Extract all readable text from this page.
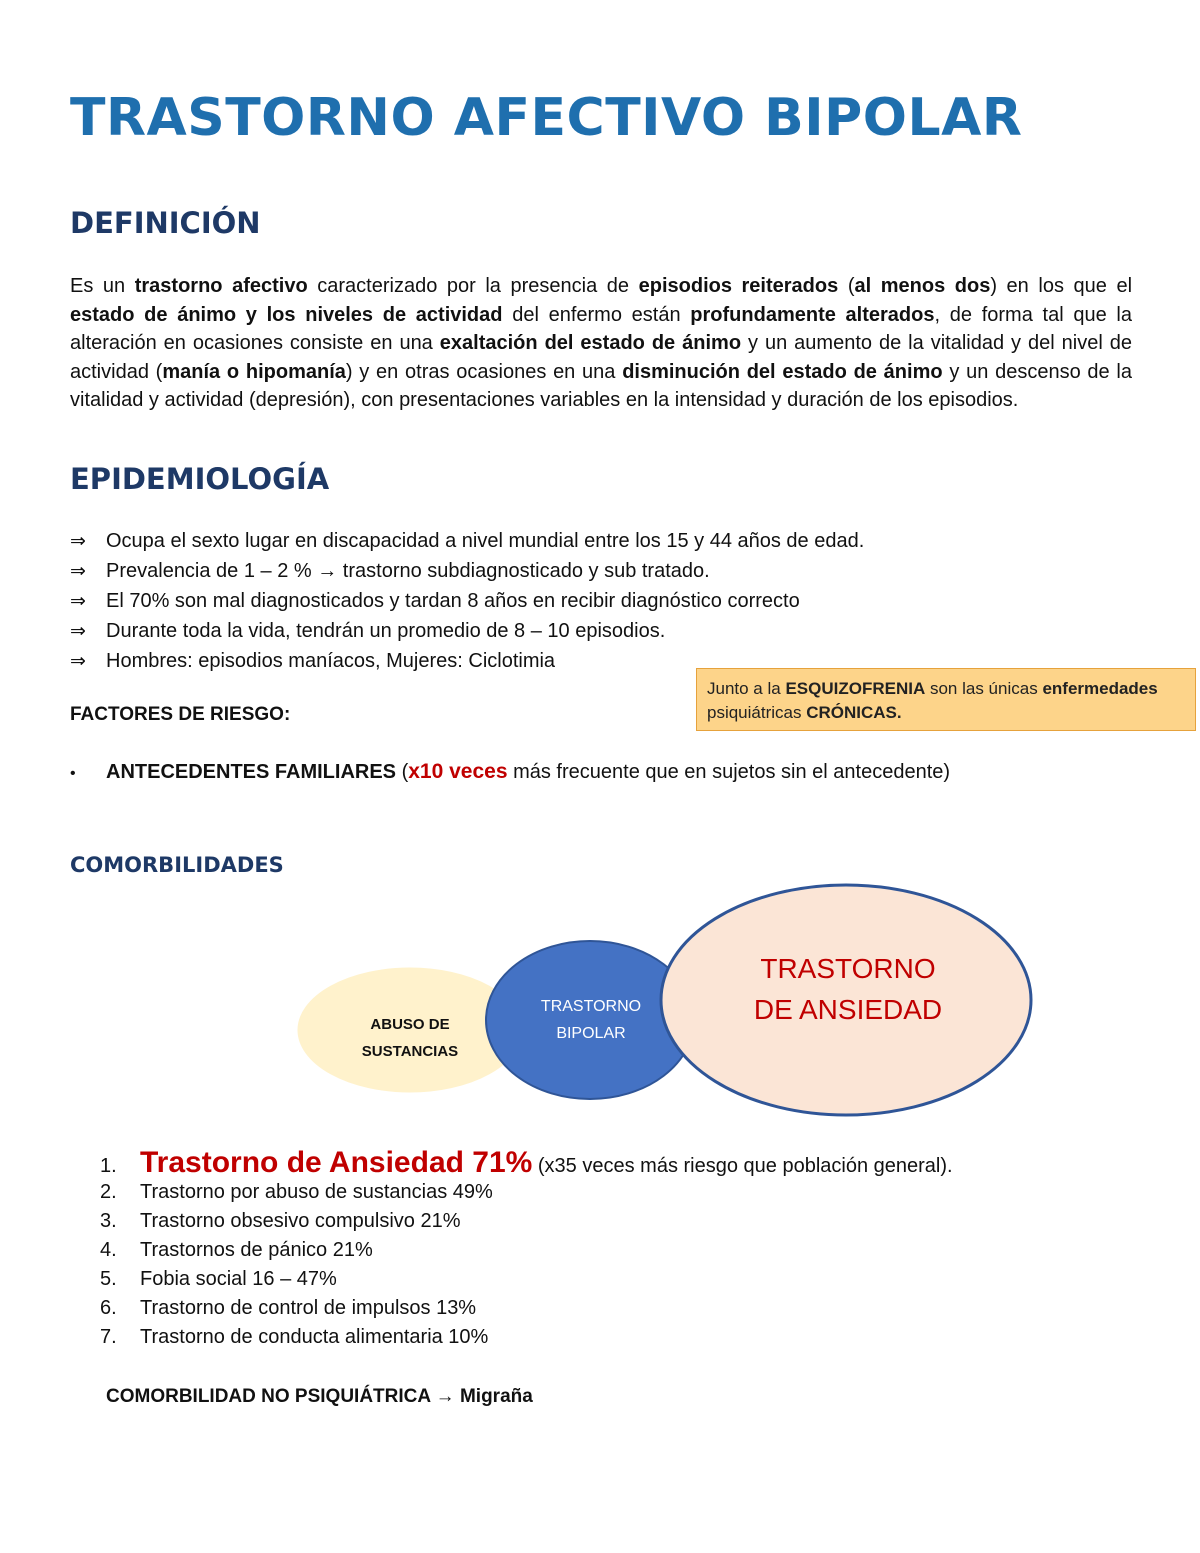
TRASTORNO AFECTIVO BIPOLAR
DEFINICIÓN

Es un trastorno afectivo caracterizado por la presencia de episodios reiterados (al menos dos) en los que el estado de ánimo y los niveles de actividad del enfermo están profundamente alterados, de forma tal que la alteración en ocasiones consiste en una exaltación del estado de ánimo y un aumento de la vitalidad y del nivel de actividad (manía o hipomanía) y en otras ocasiones en una disminución del estado de ánimo y un descenso de la vitalidad y actividad (depresión), con presentaciones variables en la intensidad y duración de los episodios.

EPIDEMIOLOGÍA
⇒ Ocupa el sexto lugar en discapacidad a nivel mundial entre los 15 y 44 años de edad.
⇒ Prevalencia de 1 – 2 % → trastorno subdiagnosticado y sub tratado.
⇒ El 70% son mal diagnosticados y tardan 8 años en recibir diagnóstico correcto
⇒ Durante toda la vida, tendrán un promedio de 8 – 10 episodios.
⇒ Hombres: episodios maníacos, Mujeres: Ciclotimia
Junto a la ESQUIZOFRENIA son las únicas enfermedades psiquiátricas CRÓNICAS.

FACTORES DE RIESGO:

• ANTECEDENTES FAMILIARES (x10 veces más frecuente que en sujetos sin el antecedente)
COMORBILIDADES
ABUSO DE
SUSTANCIAS
TRASTORNO
BIPOLAR
TRASTORNO
DE ANSIEDAD
1. Trastorno de Ansiedad 71% (x35 veces más riesgo que población general).
2. Trastorno por abuso de sustancias 49%
3. Trastorno obsesivo compulsivo 21%
4. Trastornos de pánico 21%
5. Fobia social 16 – 47%
6. Trastorno de control de impulsos 13%
7. Trastorno de conducta alimentaria 10%

COMORBILIDAD NO PSIQUIÁTRICA → Migraña
